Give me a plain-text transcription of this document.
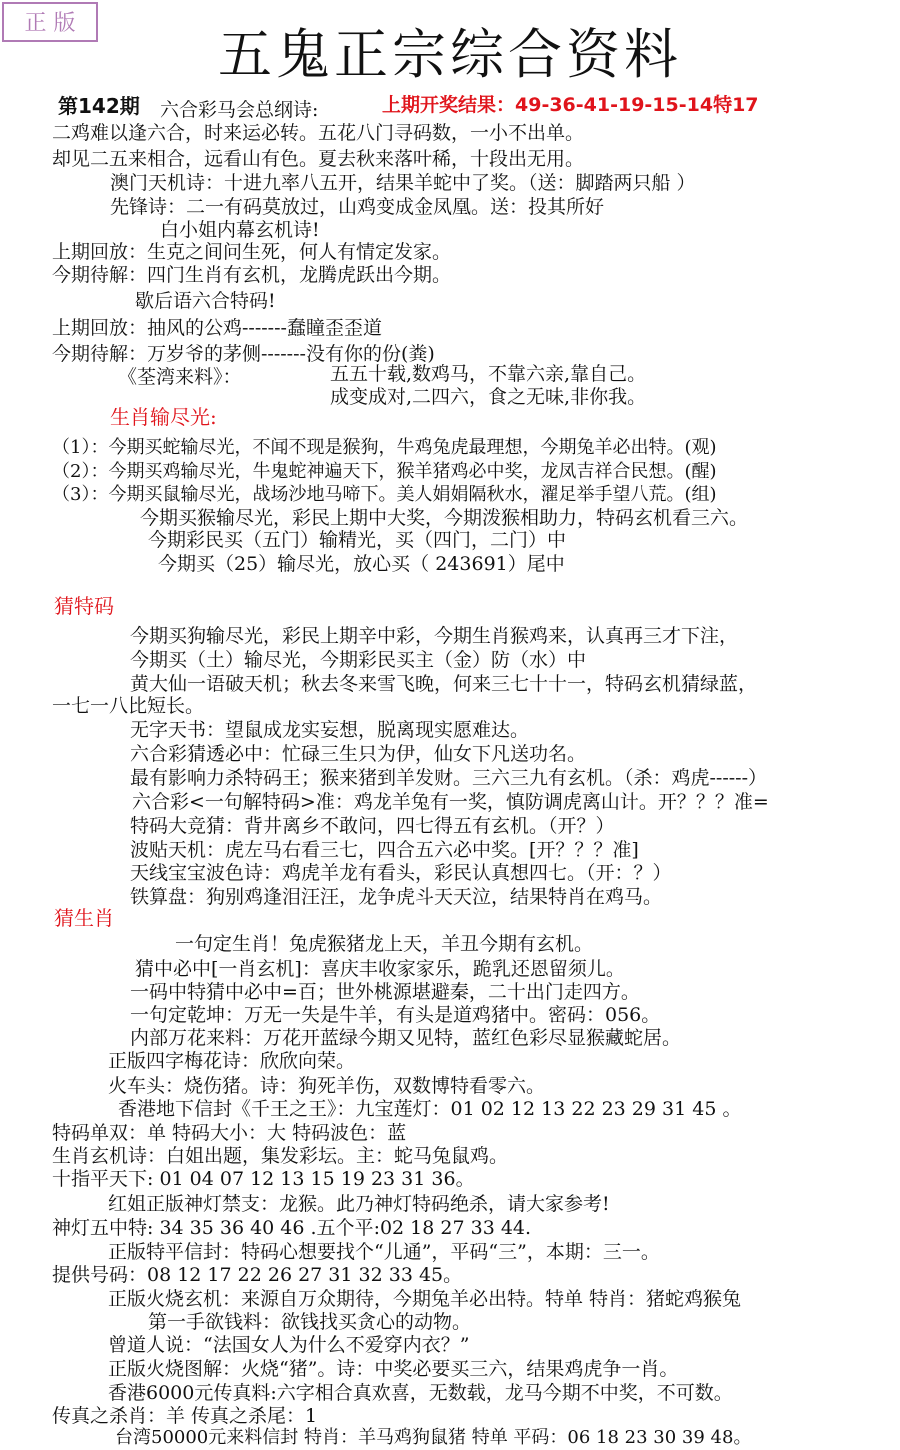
正 版	五鬼正宗综合资料
第142期	上期开奖结果：49-36-41-19-15-14特17
六合彩马会总纲诗:
二鸡难以逢六合，时来运必转。五花八门寻码数，一小不出单。
却见二五来相合，远看山有色。夏去秋来落叶稀，十段出无用。
澳门天机诗：十进九率八五开，结果羊蛇中了奖。（送：脚踏两只船 ）
先锋诗：二一有码莫放过，山鸡变成金凤凰。送：投其所好
白小姐内幕玄机诗!
上期回放：生克之间问生死，何人有情定发家。
今期待解：四门生肖有玄机，龙腾虎跃出今期。
歇后语六合特码!
上期回放：抽风的公鸡-------蠢瞳歪歪道
今期待解：万岁爷的茅侧-------没有你的份(粪)
《荃湾来料》：	五五十载,数鸡马，不靠六亲,靠自己。
成变成对,二四六，食之无味,非你我。
生肖输尽光:
（1）：今期买蛇输尽光，不闻不现是猴狗，牛鸡兔虎最理想，今期兔羊必出特。(观)
（2）：今期买鸡输尽光，牛鬼蛇神遍天下，猴羊猪鸡必中奖，龙凤吉祥合民想。(醒)
（3）：今期买鼠输尽光，战场沙地马啼下。美人娟娟隔秋水，濯足举手望八荒。(组)
今期买猴输尽光，彩民上期中大奖，今期泼猴相助力，特码玄机看三六。
今期彩民买（五门）输精光，买（四门，二门）中
今期买（25）输尽光，放心买（ 243691）尾中
猜特码
今期买狗输尽光，彩民上期辛中彩，今期生肖猴鸡来，认真再三才下注，
今期买（土）输尽光，今期彩民买主（金）防（水）中
黄大仙一语破天机；秋去冬来雪飞晚，何来三七十十一，特码玄机猜绿蓝，
一七一八比短长。
无字天书：望鼠成龙实妄想，脱离现实愿难达。
六合彩猜透必中：忙碌三生只为伊，仙女下凡送功名。
最有影响力杀特码王；猴来猪到羊发财。三六三九有玄机。（杀：鸡虎------）
六合彩<一句解特码>准：鸡龙羊兔有一奖，慎防调虎离山计。开？？？准=
特码大竞猜：背井离乡不敢问，四七得五有玄机。（开？）
波贴天机：虎左马右看三七，四合五六必中奖。[开？？？准]
天线宝宝波色诗：鸡虎羊龙有看头，彩民认真想四七。（开：？）
铁算盘：狗别鸡逢泪汪汪，龙争虎斗天天泣，结果特肖在鸡马。
猜生肖
一句定生肖！兔虎猴猪龙上天，羊丑今期有玄机。
猜中必中[一肖玄机]：喜庆丰收家家乐，跪乳还恩留须儿。
一码中特猜中必中=百；世外桃源堪避秦，二十出门走四方。
一句定乾坤：万无一失是牛羊，有头是道鸡猪中。密码：056。
内部万花来料：万花开蓝绿今期又见特，蓝红色彩尽显猴藏蛇居。
正版四字梅花诗：欣欣向荣。
火车头：烧伤猪。诗：狗死羊伤，双数博特看零六。
香港地下信封《千王之王》：九宝莲灯：01 02 12 13 22 23 29 31 45 。
特码单双：单 特码大小：大 特码波色：蓝
生肖玄机诗：白姐出题，集发彩坛。主：蛇马兔鼠鸡。
十指平天下: 01 04 07 12 13 15 19 23 31 36。
红姐正版神灯禁支：龙猴。此乃神灯特码绝杀，请大家参考!
神灯五中特: 34 35 36 40 46 .五个平:02 18 27 33 44.
正版特平信封：特码心想要找个“儿通”，平码“三”，本期：三一。
提供号码：08 12 17 22 26 27 31 32 33 45。
正版火烧玄机：来源自万众期待，今期兔羊必出特。特单 特肖：猪蛇鸡猴兔
第一手欲钱料：欲钱找买贪心的动物。
曾道人说：“法国女人为什么不爱穿内衣？”
正版火烧图解：火烧“猪”。诗：中奖必要买三六，结果鸡虎争一肖。
香港6000元传真料:六字相合真欢喜，无数载，龙马今期不中奖，不可数。
传真之杀肖：羊 传真之杀尾：1
台湾50000元来料信封 特肖：羊马鸡狗鼠猪 特单 平码：06 18 23 30 39 48。
